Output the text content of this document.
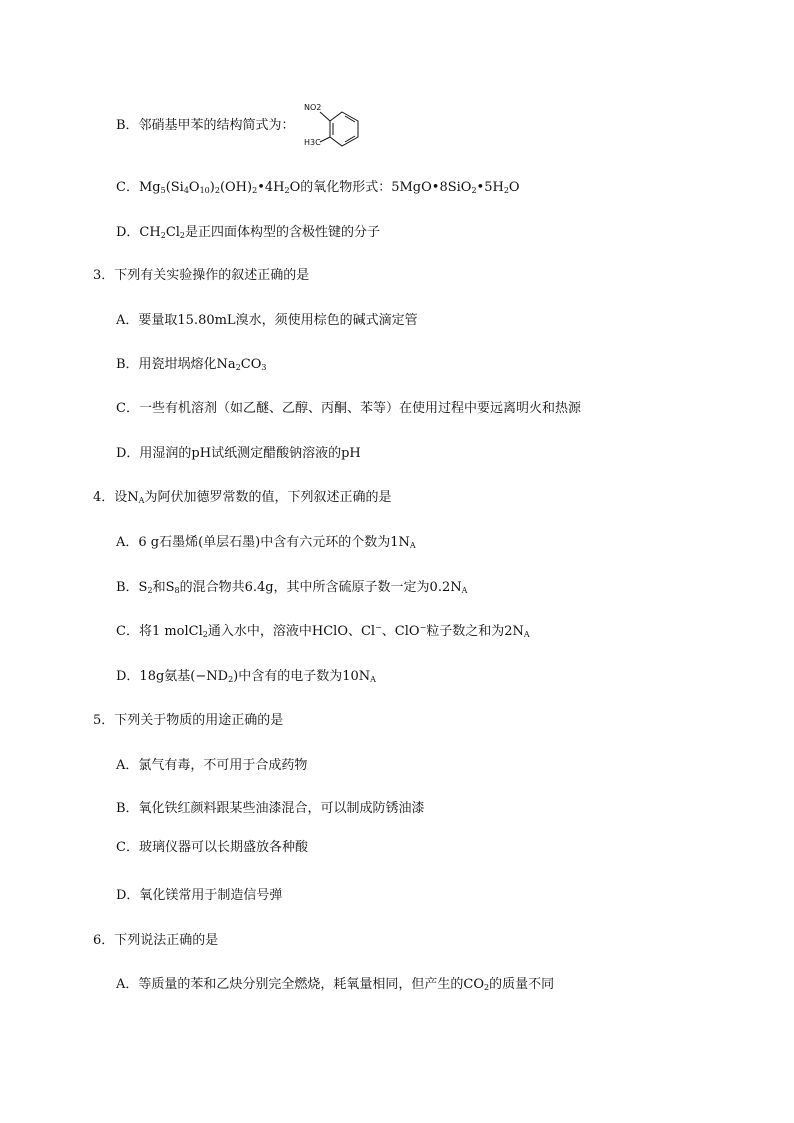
B．邻硝基甲苯的结构简式为：
NO2
H3C
C．$Mg_5(Si_4O_{10})_2(OH)_2•4H_2O$的氧化物形式：$5MgO•8SiO_2•5H_2O$
D．$CH_2Cl_2$是正四面体构型的含极性键的分子
3．下列有关实验操作的叙述正确的是
A．要量取15.80mL溴水，须使用棕色的碱式滴定管
B．用瓷坩埚熔化$Na_2CO_3$
C．一些有机溶剂（如乙醚、乙醇、丙酮、苯等）在使用过程中要远离明火和热源
D．用湿润的pH试纸测定醋酸钠溶液的pH
4．设$N_A$为阿伏加德罗常数的值，下列叙述正确的是
A．6 g石墨烯(单层石墨)中含有六元环的个数为$1N_A$
B．$S_2$和$S_8$的混合物共6.4g，其中所含硫原子数一定为$0.2N_A$
C．将1 molCl$_2$通入水中，溶液中HClO、Cl−、ClO−粒子数之和为$2N_A$
D．18g氨基$(-ND_2)$中含有的电子数为$10N_A$
5．下列关于物质的用途正确的是
A．氯气有毒，不可用于合成药物
B．氧化铁红颜料跟某些油漆混合，可以制成防锈油漆
C．玻璃仪器可以长期盛放各种酸
D．氧化镁常用于制造信号弹
6．下列说法正确的是
A．等质量的苯和乙炔分别完全燃烧，耗氧量相同，但产生的$CO_2$的质量不同
